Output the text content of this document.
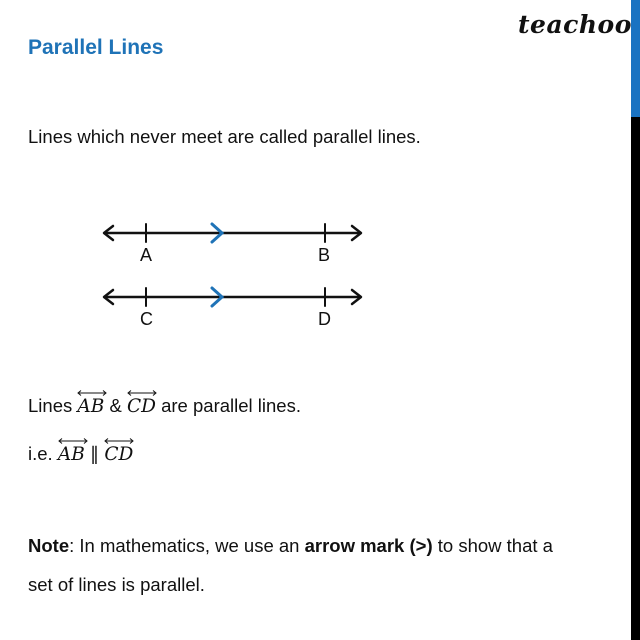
teachoo
Parallel Lines
Lines which never meet are called parallel lines.
A	B
C	D
Lines
AB &
CD are parallel lines.
i.e.
AB ∥
CD
Note: In mathematics, we use an arrow mark (>) to show that a
set of lines is parallel.
